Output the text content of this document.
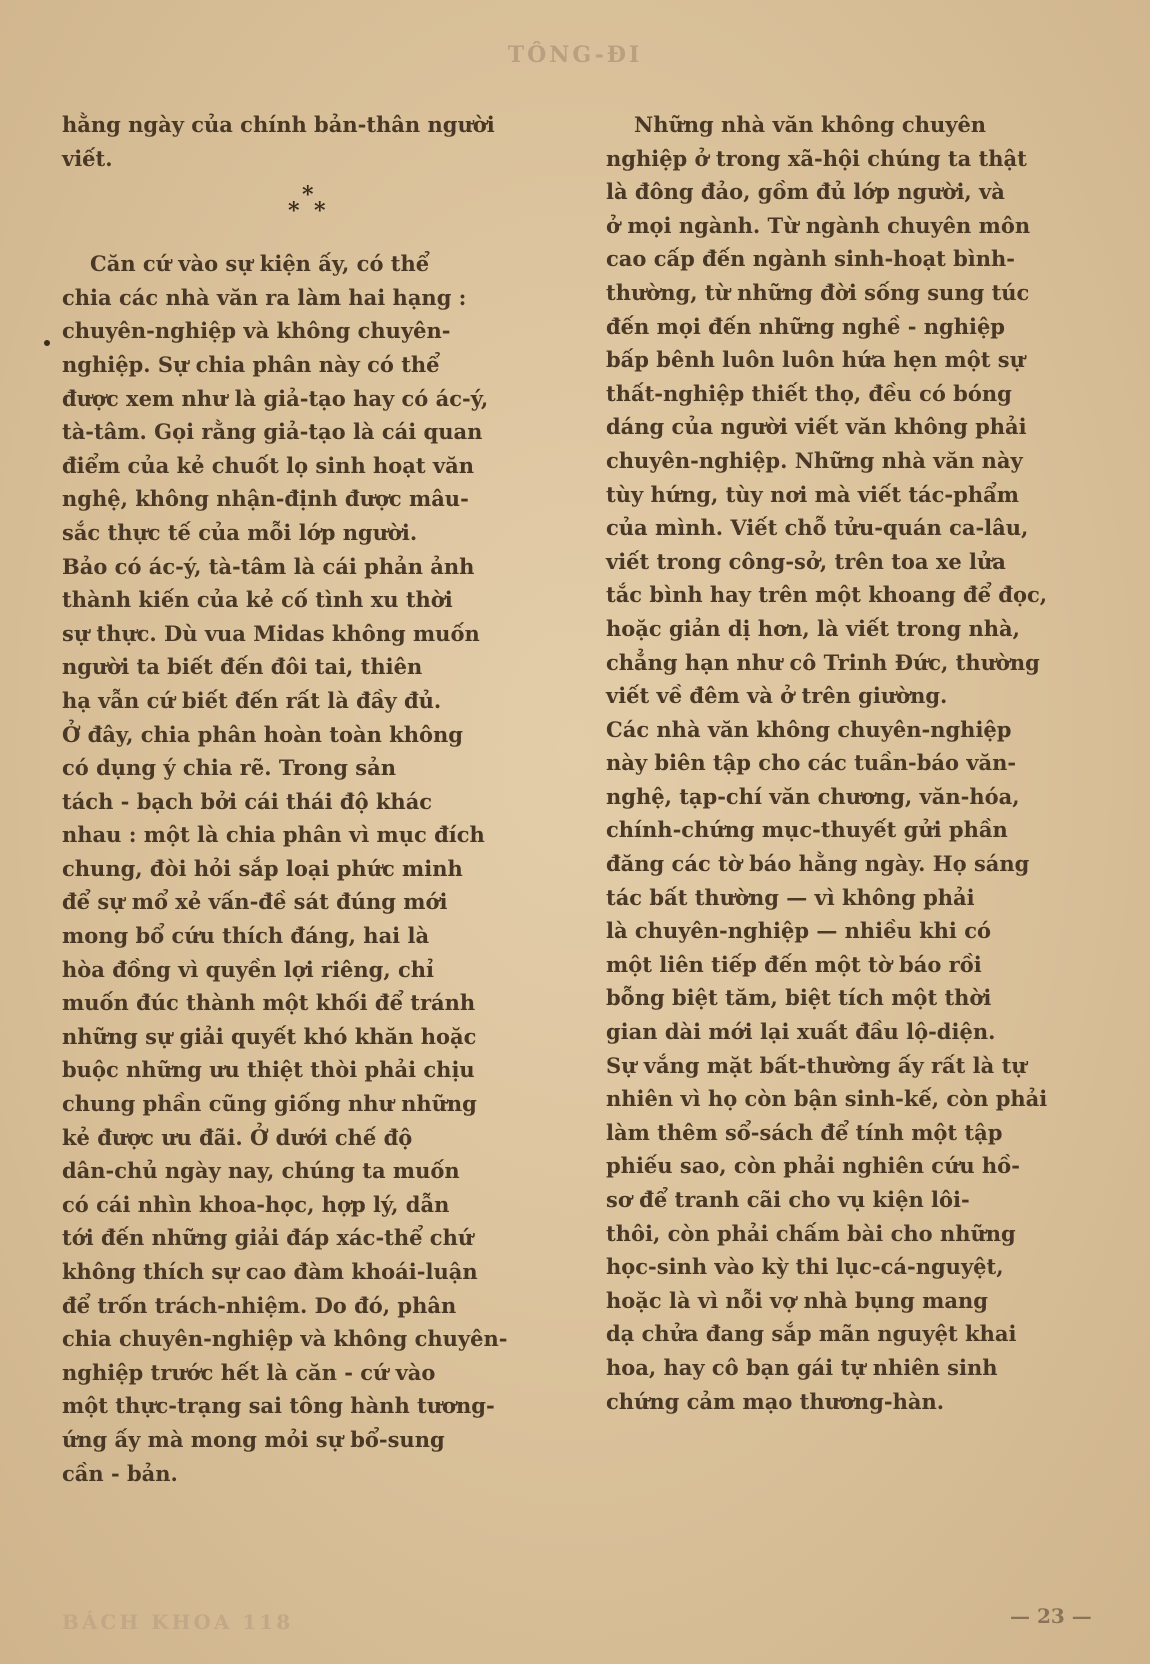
TÔNG-ĐI

hằng ngày của chính bản-thân người

viết.

*
* *

Căn cứ vào sự kiện ấy, có thể

chia các nhà văn ra làm hai hạng :

chuyên-nghiệp và không chuyên-

nghiệp. Sự chia phân này có thể

được xem như là giả-tạo hay có ác-ý,

tà-tâm. Gọi rằng giả-tạo là cái quan

điểm của kẻ chuốt lọ sinh hoạt văn

nghệ, không nhận-định được mâu-

sắc thực tế của mỗi lớp người.

Bảo có ác-ý, tà-tâm là cái phản ảnh

thành kiến của kẻ cố tình xu thời

sự thực. Dù vua Midas không muốn

người ta biết đến đôi tai, thiên

hạ vẫn cứ biết đến rất là đầy đủ.

Ở đây, chia phân hoàn toàn không

có dụng ý chia rẽ. Trong sản

tách - bạch bởi cái thái độ khác

nhau : một là chia phân vì mục đích

chung, đòi hỏi sắp loại phức minh

để sự mổ xẻ vấn-đề sát đúng mới

mong bổ cứu thích đáng, hai là

hòa đồng vì quyền lợi riêng, chỉ

muốn đúc thành một khối để tránh

những sự giải quyết khó khăn hoặc

buộc những ưu thiệt thòi phải chịu

chung phần cũng giống như những

kẻ được ưu đãi. Ở dưới chế độ

dân-chủ ngày nay, chúng ta muốn

có cái nhìn khoa-học, hợp lý, dẫn

tới đến những giải đáp xác-thể chứ

không thích sự cao đàm khoái-luận

để trốn trách-nhiệm. Do đó, phân

chia chuyên-nghiệp và không chuyên-

nghiệp trước hết là căn - cứ vào

một thực-trạng sai tông hành tương-

ứng ấy mà mong mỏi sự bổ-sung

cần - bản.

Những nhà văn không chuyên

nghiệp ở trong xã-hội chúng ta thật

là đông đảo, gồm đủ lớp người, và

ở mọi ngành. Từ ngành chuyên môn

cao cấp đến ngành sinh-hoạt bình-

thường, từ những đời sống sung túc

đến mọi đến những nghề - nghiệp

bấp bênh luôn luôn hứa hẹn một sự

thất-nghiệp thiết thọ, đều có bóng

dáng của người viết văn không phải

chuyên-nghiệp. Những nhà văn này

tùy hứng, tùy nơi mà viết tác-phẩm

của mình. Viết chỗ tửu-quán ca-lâu,

viết trong công-sở, trên toa xe lửa

tắc bình hay trên một khoang để đọc,

hoặc giản dị hơn, là viết trong nhà,

chẳng hạn như cô Trinh Đức, thường

viết về đêm và ở trên giường.

Các nhà văn không chuyên-nghiệp

này biên tập cho các tuần-báo văn-

nghệ, tạp-chí văn chương, văn-hóa,

chính-chứng mục-thuyết gửi phần

đăng các tờ báo hằng ngày. Họ sáng

tác bất thường — vì không phải

là chuyên-nghiệp — nhiều khi có

một liên tiếp đến một tờ báo rồi

bỗng biệt tăm, biệt tích một thời

gian dài mới lại xuất đầu lộ-diện.

Sự vắng mặt bất-thường ấy rất là tự

nhiên vì họ còn bận sinh-kế, còn phải

làm thêm sổ-sách để tính một tập

phiếu sao, còn phải nghiên cứu hồ-

sơ để tranh cãi cho vụ kiện lôi-

thôi, còn phải chấm bài cho những

học-sinh vào kỳ thi lục-cá-nguyệt,

hoặc là vì nỗi vợ nhà bụng mang

dạ chửa đang sắp mãn nguyệt khai

hoa, hay cô bạn gái tự nhiên sinh

chứng cảm mạo thương-hàn.

BÁCH KHOA 118	— 23 —
